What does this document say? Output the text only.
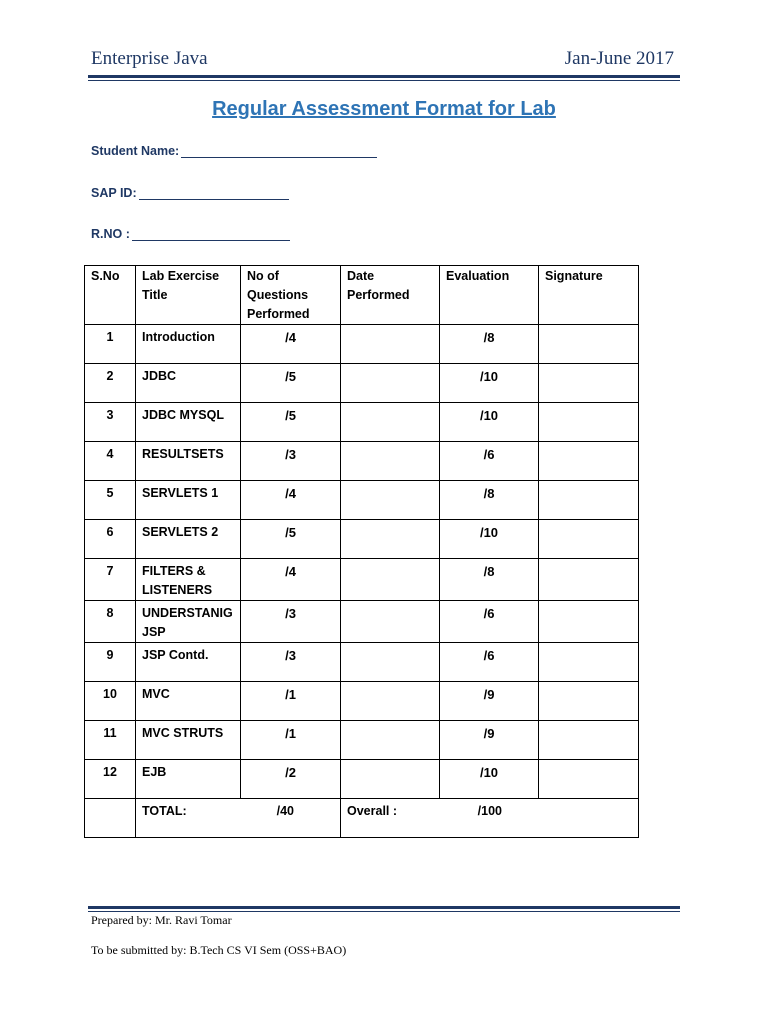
Enterprise Java	Jan-June 2017
Regular Assessment Format for Lab
Student Name:
SAP ID:
R.NO :
S.No	Lab Exercise Title	No of Questions Performed	Date Performed	Evaluation	Signature
1	Introduction	/4		/8	
2	JDBC	/5		/10	
3	JDBC MYSQL	/5		/10	
4	RESULTSETS	/3		/6	
5	SERVLETS 1	/4		/8	
6	SERVLETS 2	/5		/10	
7	FILTERS & LISTENERS	/4		/8	
8	UNDERSTANIG JSP	/3		/6	
9	JSP Contd.	/3		/6	
10	MVC	/1		/9	
11	MVC STRUTS	/1		/9	
12	EJB	/2		/10	

	TOTAL: /40		Overall : /100		
Prepared by: Mr. Ravi Tomar
To be submitted by: B.Tech CS VI Sem (OSS+BAO)
